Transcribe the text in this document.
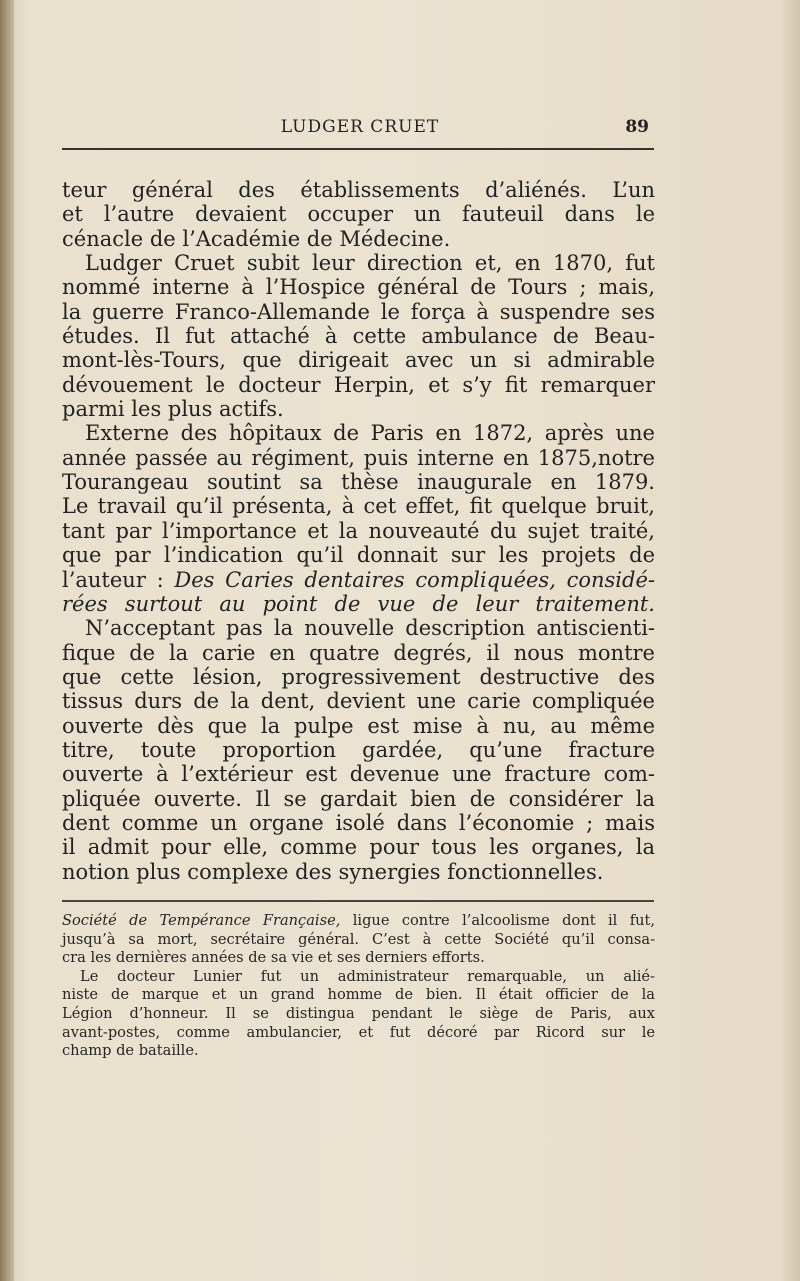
LUDGER CRUET	89
teur général des établissements d’aliénés. L’un
et l’autre devaient occuper un fauteuil dans le
cénacle de l’Académie de Médecine.
Ludger Cruet subit leur direction et, en 1870, fut
nommé interne à l’Hospice général de Tours ; mais,
la guerre Franco-Allemande le força à suspendre ses
études. Il fut attaché à cette ambulance de Beau-
mont-lès-Tours, que dirigeait avec un si admirable
dévouement le docteur Herpin, et s’y fit remarquer
parmi les plus actifs.
Externe des hôpitaux de Paris en 1872, après une
année passée au régiment, puis interne en 1875,notre
Tourangeau soutint sa thèse inaugurale en 1879.
Le travail qu’il présenta, à cet effet, fit quelque bruit,
tant par l’importance et la nouveauté du sujet traité,
que par l’indication qu’il donnait sur les projets de
l’auteur : Des Caries dentaires compliquées, considé-
rées surtout au point de vue de leur traitement.
N’acceptant pas la nouvelle description antiscienti-
fique de la carie en quatre degrés, il nous montre
que cette lésion, progressivement destructive des
tissus durs de la dent, devient une carie compliquée
ouverte dès que la pulpe est mise à nu, au même
titre, toute proportion gardée, qu’une fracture
ouverte à l’extérieur est devenue une fracture com-
pliquée ouverte. Il se gardait bien de considérer la
dent comme un organe isolé dans l’économie ; mais
il admit pour elle, comme pour tous les organes, la
notion plus complexe des synergies fonctionnelles.
Société de Tempérance Française, ligue contre l’alcoolisme dont il fut,
jusqu’à sa mort, secrétaire général. C’est à cette Société qu’il consa-
cra les dernières années de sa vie et ses derniers efforts.
Le docteur Lunier fut un administrateur remarquable, un alié-
niste de marque et un grand homme de bien. Il était officier de la
Légion d’honneur. Il se distingua pendant le siège de Paris, aux
avant-postes, comme ambulancier, et fut décoré par Ricord sur le
champ de bataille.
